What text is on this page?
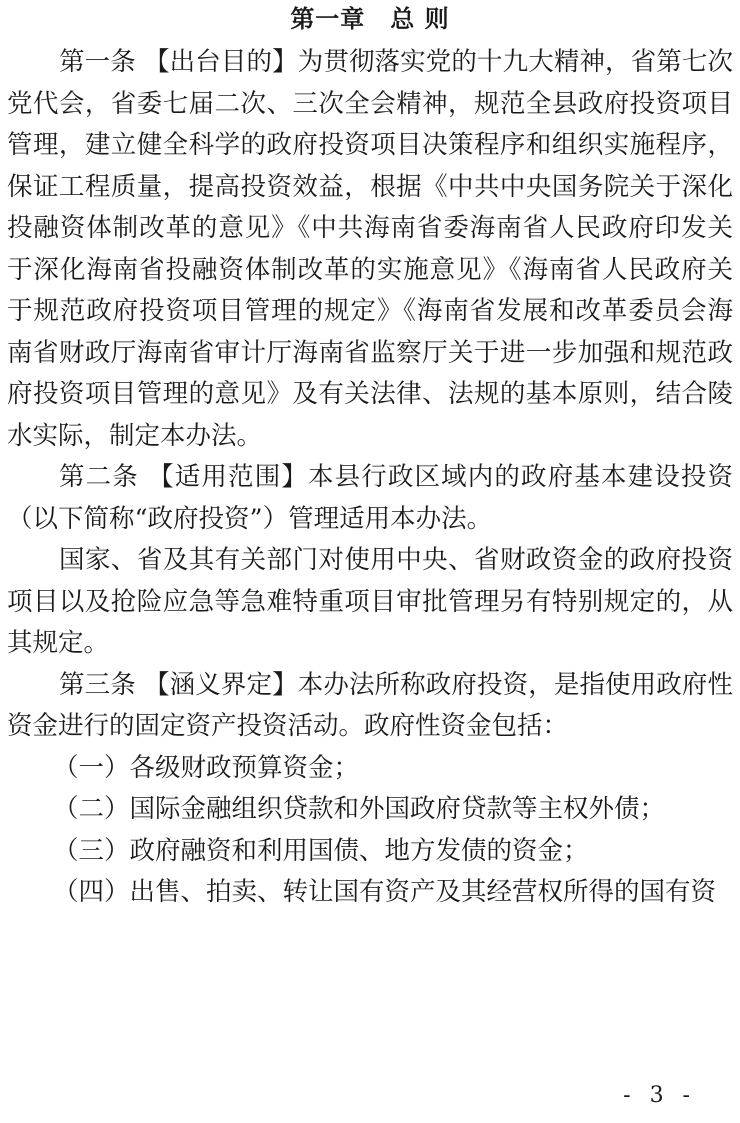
第一章　总 则

第一条 【出台目的】为贯彻落实党的十九大精神，省第七次党代会，省委七届二次、三次全会精神，规范全县政府投资项目管理，建立健全科学的政府投资项目决策程序和组织实施程序，保证工程质量，提高投资效益，根据《中共中央国务院关于深化投融资体制改革的意见》《中共海南省委海南省人民政府印发关于深化海南省投融资体制改革的实施意见》《海南省人民政府关于规范政府投资项目管理的规定》《海南省发展和改革委员会海南省财政厅海南省审计厅海南省监察厅关于进一步加强和规范政府投资项目管理的意见》及有关法律、法规的基本原则，结合陵水实际，制定本办法。

第二条 【适用范围】本县行政区域内的政府基本建设投资（以下简称“政府投资”）管理适用本办法。

国家、省及其有关部门对使用中央、省财政资金的政府投资项目以及抢险应急等急难特重项目审批管理另有特别规定的，从其规定。

第三条 【涵义界定】本办法所称政府投资，是指使用政府性资金进行的固定资产投资活动。政府性资金包括：

（一）各级财政预算资金；

（二）国际金融组织贷款和外国政府贷款等主权外债；

（三）政府融资和利用国债、地方发债的资金；

（四）出售、拍卖、转让国有资产及其经营权所得的国有资

- 3 -
